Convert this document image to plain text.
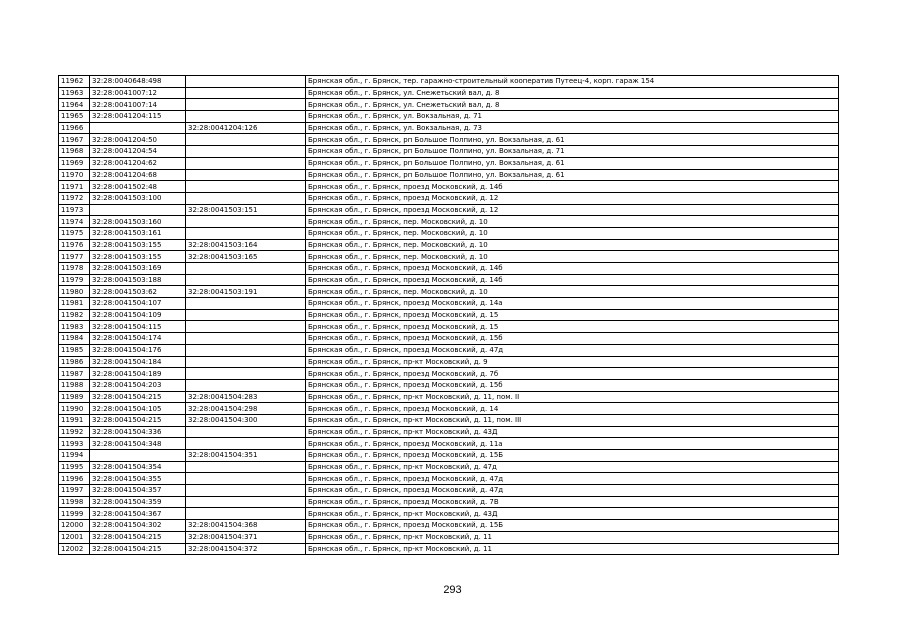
11962	32:28:0040648:498		Брянская обл., г. Брянск, тер. гаражно-строительный кооператив Путеец-4, корп. гараж 154
11963	32:28:0041007:12		Брянская обл., г. Брянск, ул. Снежетьский вал, д. 8
11964	32:28:0041007:14		Брянская обл., г. Брянск, ул. Снежетьский вал, д. 8
11965	32:28:0041204:115		Брянская обл., г. Брянск, ул. Вокзальная, д. 71
11966		32:28:0041204:126	Брянская обл., г. Брянск, ул. Вокзальная, д. 73
11967	32:28:0041204:50		Брянская обл., г. Брянск, рп Большое Полпино, ул. Вокзальная, д. 61
11968	32:28:0041204:54		Брянская обл., г. Брянск, рп Большое Полпино, ул. Вокзальная, д. 71
11969	32:28:0041204:62		Брянская обл., г. Брянск, рп Большое Полпино, ул. Вокзальная, д. 61
11970	32:28:0041204:68		Брянская обл., г. Брянск, рп Большое Полпино, ул. Вокзальная, д. 61
11971	32:28:0041502:48		Брянская обл., г. Брянск, проезд Московский, д. 14б
11972	32:28:0041503:100		Брянская обл., г. Брянск, проезд Московский, д. 12
11973		32:28:0041503:151	Брянская обл., г. Брянск, проезд Московский, д. 12
11974	32:28:0041503:160		Брянская обл., г. Брянск, пер. Московский, д. 10
11975	32:28:0041503:161		Брянская обл., г. Брянск, пер. Московский, д. 10
11976	32:28:0041503:155	32:28:0041503:164	Брянская обл., г. Брянск, пер. Московский, д. 10
11977	32:28:0041503:155	32:28:0041503:165	Брянская обл., г. Брянск, пер. Московский, д. 10
11978	32:28:0041503:169		Брянская обл., г. Брянск, проезд Московский, д. 14б
11979	32:28:0041503:188		Брянская обл., г. Брянск, проезд Московский, д. 14б
11980	32:28:0041503:62	32:28:0041503:191	Брянская обл., г. Брянск, пер. Московский, д. 10
11981	32:28:0041504:107		Брянская обл., г. Брянск, проезд Московский, д. 14а
11982	32:28:0041504:109		Брянская обл., г. Брянск, проезд Московский, д. 15
11983	32:28:0041504:115		Брянская обл., г. Брянск, проезд Московский, д. 15
11984	32:28:0041504:174		Брянская обл., г. Брянск, проезд Московский, д. 15б
11985	32:28:0041504:176		Брянская обл., г. Брянск, проезд Московский, д. 47д
11986	32:28:0041504:184		Брянская обл., г. Брянск, пр-кт Московский, д. 9
11987	32:28:0041504:189		Брянская обл., г. Брянск, проезд Московский, д. 7б
11988	32:28:0041504:203		Брянская обл., г. Брянск, проезд Московский, д. 15б
11989	32:28:0041504:215	32:28:0041504:283	Брянская обл., г. Брянск, пр-кт Московский, д. 11, пом. II
11990	32:28:0041504:105	32:28:0041504:298	Брянская обл., г. Брянск, проезд Московский, д. 14
11991	32:28:0041504:215	32:28:0041504:300	Брянская обл., г. Брянск, пр-кт Московский, д. 11, пом. III
11992	32:28:0041504:336		Брянская обл., г. Брянск, пр-кт Московский, д. 43Д
11993	32:28:0041504:348		Брянская обл., г. Брянск, проезд Московский, д. 11а
11994		32:28:0041504:351	Брянская обл., г. Брянск, проезд Московский, д. 15Б
11995	32:28:0041504:354		Брянская обл., г. Брянск, пр-кт Московский, д. 47д
11996	32:28:0041504:355		Брянская обл., г. Брянск, проезд Московский, д. 47д
11997	32:28:0041504:357		Брянская обл., г. Брянск, проезд Московский, д. 47д
11998	32:28:0041504:359		Брянская обл., г. Брянск, проезд Московский, д. 7В
11999	32:28:0041504:367		Брянская обл., г. Брянск, пр-кт Московский, д. 43Д
12000	32:28:0041504:302	32:28:0041504:368	Брянская обл., г. Брянск, проезд Московский, д. 15Б
12001	32:28:0041504:215	32:28:0041504:371	Брянская обл., г. Брянск, пр-кт Московский, д. 11
12002	32:28:0041504:215	32:28:0041504:372	Брянская обл., г. Брянск, пр-кт Московский, д. 11
293
